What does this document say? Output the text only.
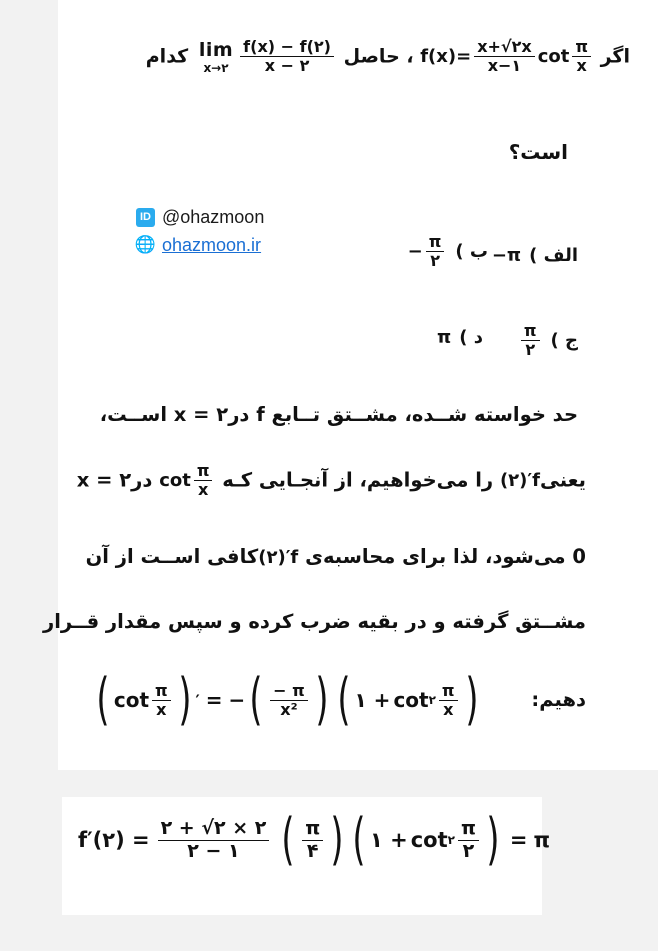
اگر $f(x)= \frac{x+√۲x}{x-۱}$ $\cot \frac{\pi}{x}$
، حاصل
lim
x→۲ $\frac{f(x) - f(۲)}{x - ۲}$
کدام
است؟
ID @ohazmoon
🌐 ohazmoon.ir
الف )
−π
ب )
− $\frac{\pi}{۲}$
ج )
$\frac{\pi}{۲}$
د )
π
حد خواسته شــده، مشــتق تــابع f در۲ = x اســت،
یعنی(۲)′f را می‌خواهیم، از آنجـایی کـه $\cot \frac{\pi}{x}$
در۲ = x
0 می‌شود، لذا برای محاسبه‌ی (۲)′fکافی اســت از آن
مشــتق گرفته و در بقیه ضرب کرده و سپس مقدار قــرار
دهیم:
( $\cot \frac{\pi}{x}$ ) ′ = − ( $\frac{- \pi}{\text{x²}}$ ) ( ۱ + cot ۲ $\frac{\pi}{x}$ )
f′(۲) = $\frac{۲ + √۲ \times ۲}{۲ - ۱}$ ( $\frac{\pi}{۴}$ ) ( ۱ + cot ۲ $\frac{\pi}{۲}$ ) = π
